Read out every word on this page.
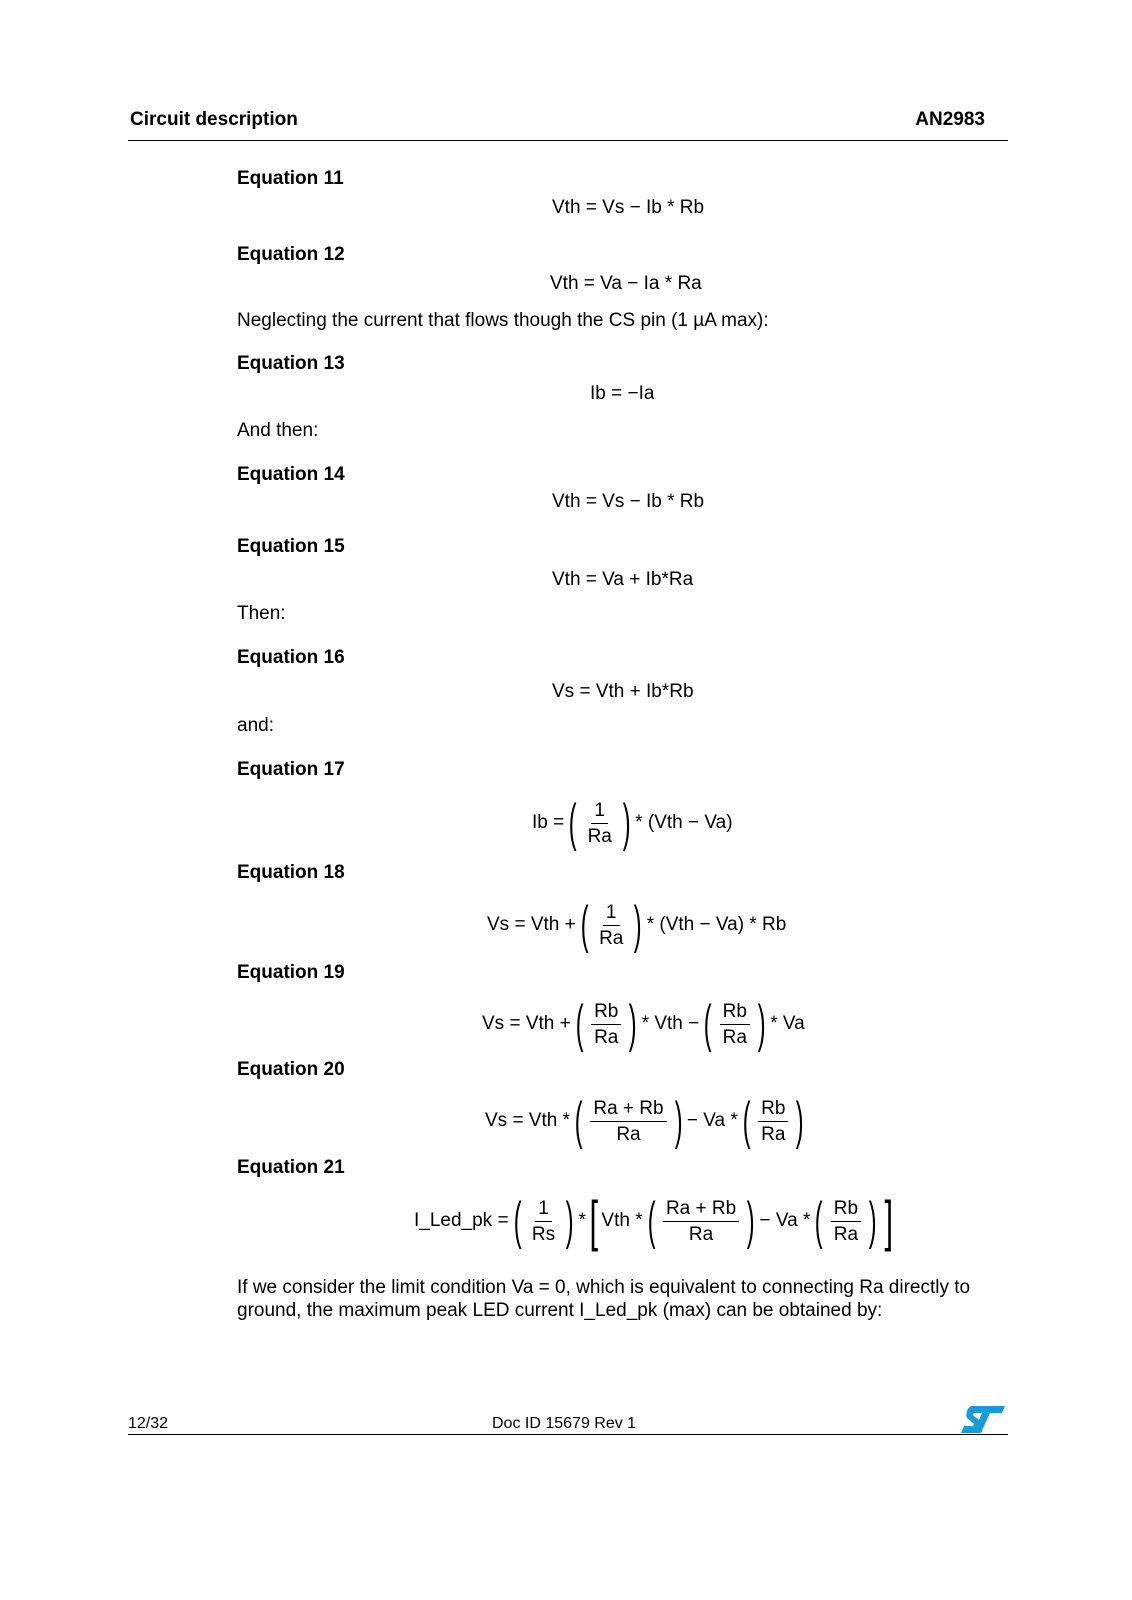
Circuit description	AN2983
Equation 11
Vth = Vs − Ib * Rb
Equation 12
Vth = Va − Ia * Ra
Neglecting the current that flows though the CS pin (1 µA max):
Equation 13
Ib = −Ia
And then:
Equation 14
Vth = Vs − Ib * Rb
Equation 15
Vth = Va + Ib*Ra
Then:
Equation 16
Vs = Vth + Ib*Rb
and:
Equation 17
Ib = ( $\frac{1}{Ra}$ ) * (Vth − Va)
Equation 18
Vs = Vth + ( $\frac{1}{Ra}$ ) * (Vth − Va) * Rb
Equation 19
Vs = Vth + ( $\frac{Rb}{Ra}$ ) * Vth − ( $\frac{Rb}{Ra}$ ) * Va
Equation 20
Vs = Vth * ( $\frac{Ra + Rb}{Ra}$ ) − Va * ( $\frac{Rb}{Ra}$ )
Equation 21
I_Led_pk = ( $\frac{1}{Rs}$ ) * [ Vth * ( $\frac{Ra + Rb}{Ra}$ ) − Va * ( $\frac{Rb}{Ra}$ ) ]
If we consider the limit condition Va = 0, which is equivalent to connecting Ra directly to ground, the maximum peak LED current I_Led_pk (max) can be obtained by:
12/32	Doc ID 15679 Rev 1
